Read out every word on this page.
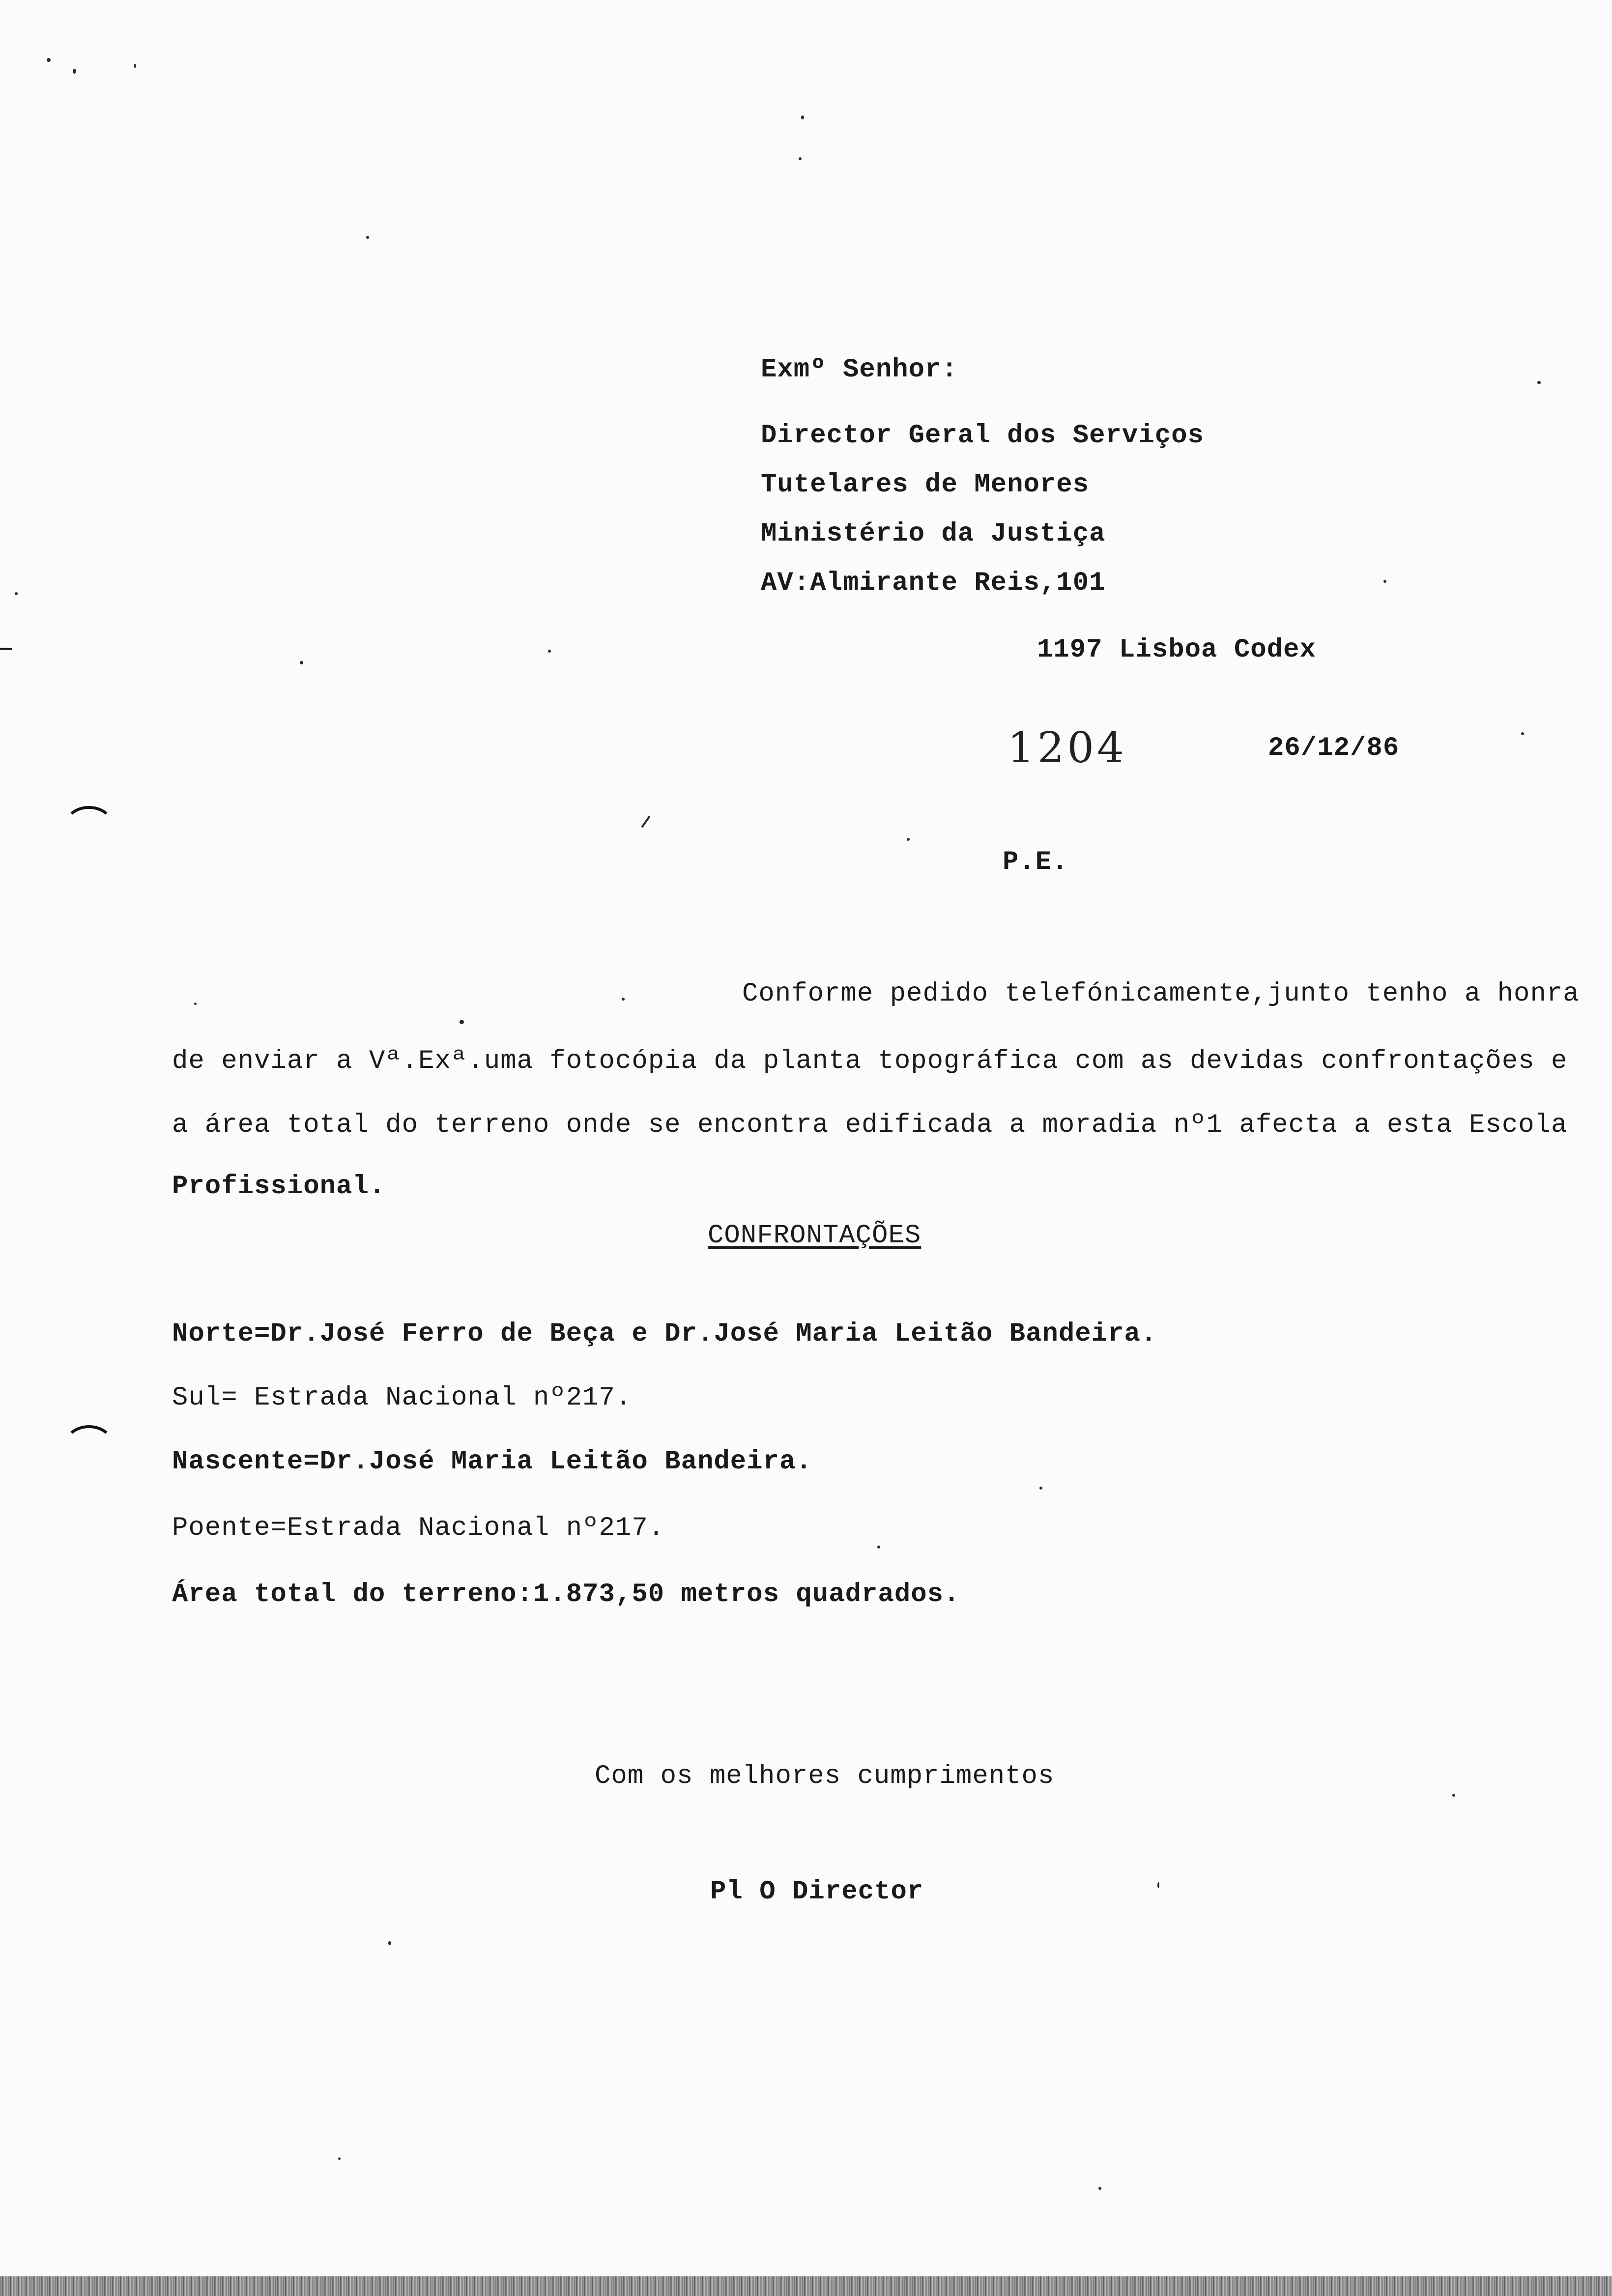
Exmº Senhor:
Director Geral dos Serviços
Tutelares de Menores
Ministério da Justiça
AV:Almirante Reis,101
1197 Lisboa Codex
1204	26/12/86
P.E.
Conforme pedido telefónicamente,junto tenho a honra
de enviar a Vª.Exª.uma fotocópia da planta topográfica com as devidas confrontações e
a área total do terreno onde se encontra edificada a moradia nº1 afecta a esta Escola
Profissional.
CONFRONTAÇÕES
Norte=Dr.José Ferro de Beça e Dr.José Maria Leitão Bandeira.
Sul= Estrada Nacional nº217.
Nascente=Dr.José Maria Leitão Bandeira.
Poente=Estrada Nacional nº217.
Área total do terreno:1.873,50 metros quadrados.
Com os melhores cumprimentos
Pl O Director
